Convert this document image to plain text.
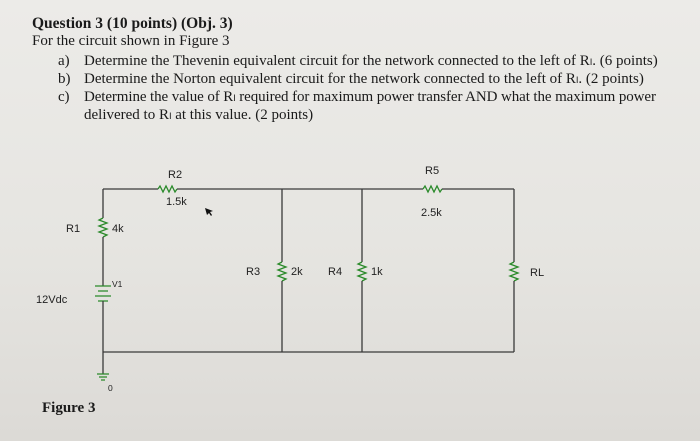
Question 3 (10 points) (Obj. 3)
For the circuit shown in Figure 3
a) Determine the Thevenin equivalent circuit for the network connected to the left of Rₗ. (6 points)
b) Determine the Norton equivalent circuit for the network connected to the left of Rₗ. (2 points)
c) Determine the value of Rₗ required for maximum power transfer AND what the maximum power
delivered to Rₗ at this value. (2 points)
R2
1.5k
R5
2.5k
R1	4k
R3	2k R4	1k	RL
V1
12Vdc
0
Figure 3
